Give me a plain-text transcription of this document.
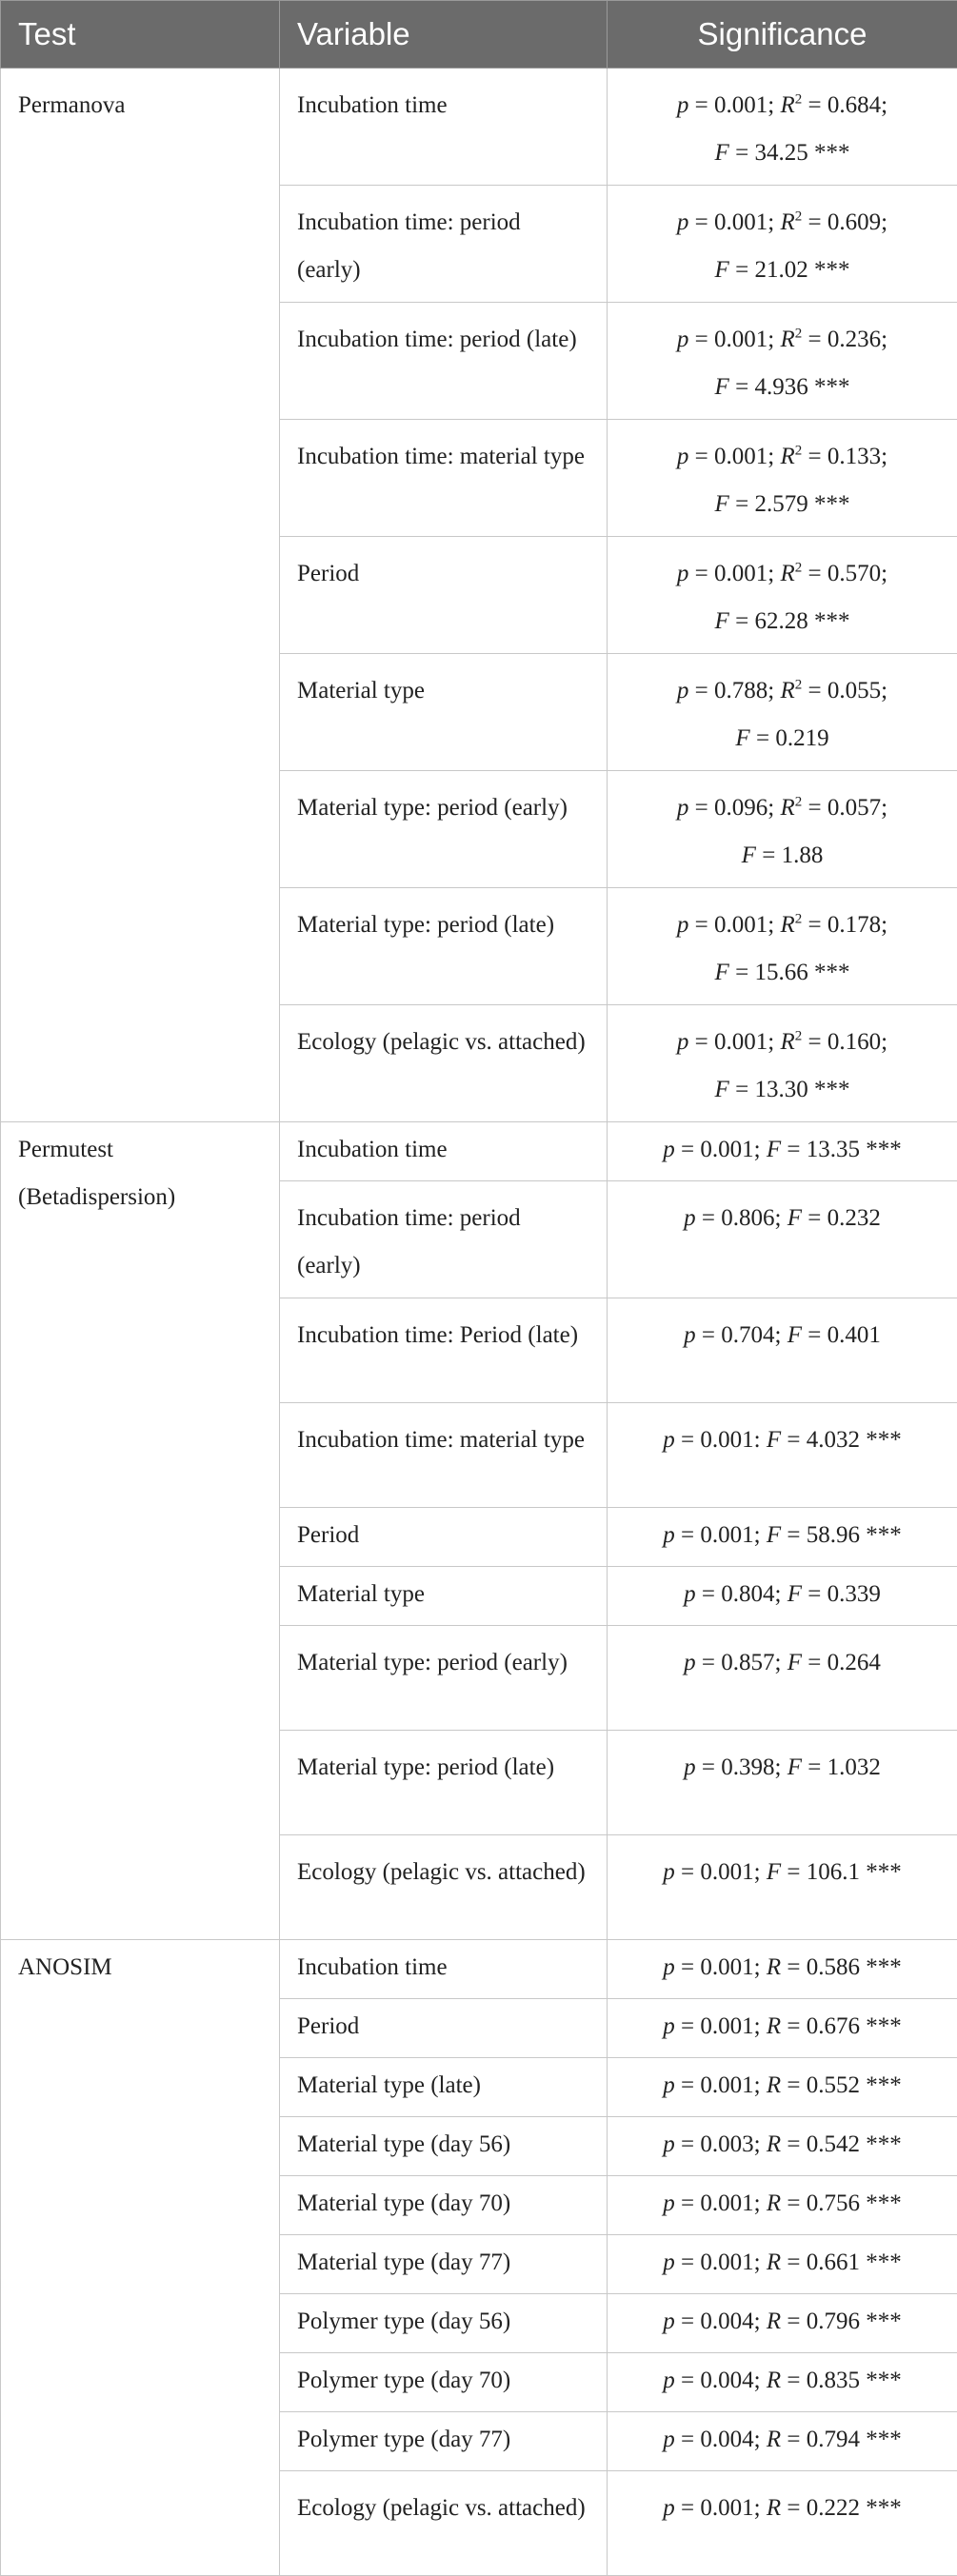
Test	Variable	Significance
Permanova	Incubation time	p = 0.001; $R^2 = 0.684$;
F = 34.25 ***
	Incubation time: period (early)	p = 0.001; $R^2 = 0.609$;
F = 21.02 ***
	Incubation time: period (late)	p = 0.001; $R^2 = 0.236$;
F = 4.936 ***
	Incubation time: material type	p = 0.001; $R^2 = 0.133$;
F = 2.579 ***
	Period	p = 0.001; $R^2 = 0.570$;
F = 62.28 ***
	Material type	p = 0.788; $R^2 = 0.055$;
F = 0.219
	Material type: period (early)	p = 0.096; $R^2 = 0.057$;
F = 1.88
	Material type: period (late)	p = 0.001; $R^2 = 0.178$;
F = 15.66 ***
	Ecology (pelagic vs. attached)	p = 0.001; $R^2 = 0.160$;
F = 13.30 ***
Permutest (Betadispersion)	Incubation time	p = 0.001; F = 13.35 ***
	Incubation time: period (early)	p = 0.806; F = 0.232
	Incubation time: Period (late)	p = 0.704; F = 0.401
	Incubation time: material type	p = 0.001: F = 4.032 ***
	Period	p = 0.001; F = 58.96 ***
	Material type	p = 0.804; F = 0.339
	Material type: period (early)	p = 0.857; F = 0.264
	Material type: period (late)	p = 0.398; F = 1.032
	Ecology (pelagic vs. attached)	p = 0.001; F = 106.1 ***
ANOSIM	Incubation time	p = 0.001; R = 0.586 ***
	Period	p = 0.001; R = 0.676 ***
	Material type (late)	p = 0.001; R = 0.552 ***
	Material type (day 56)	p = 0.003; R = 0.542 ***
	Material type (day 70)	p = 0.001; R = 0.756 ***
	Material type (day 77)	p = 0.001; R = 0.661 ***
	Polymer type (day 56)	p = 0.004; R = 0.796 ***
	Polymer type (day 70)	p = 0.004; R = 0.835 ***
	Polymer type (day 77)	p = 0.004; R = 0.794 ***
	Ecology (pelagic vs. attached)	p = 0.001; R = 0.222 ***
